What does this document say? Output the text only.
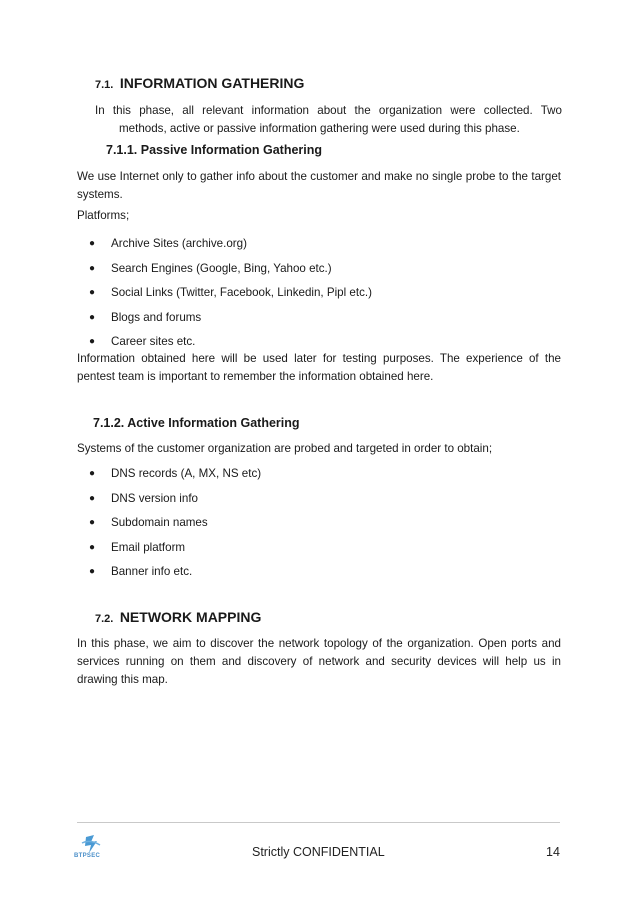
7.1. INFORMATION GATHERING

In this phase, all relevant information about the organization were collected. Two

methods, active or passive information gathering were used during this phase.

7.1.1. Passive Information Gathering

We use Internet only to gather info about the customer and make no single probe to the target systems.

Platforms;

● Archive Sites (archive.org)
● Search Engines (Google, Bing, Yahoo etc.)
● Social Links (Twitter, Facebook, Linkedin, Pipl etc.)
● Blogs and forums
● Career sites etc.

Information obtained here will be used later for testing purposes. The experience of the pentest team is important to remember the information obtained here.

7.1.2. Active Information Gathering

Systems of the customer organization are probed and targeted in order to obtain;

● DNS records (A, MX, NS etc)
● DNS version info
● Subdomain names
● Email platform
● Banner info etc.
7.2. NETWORK MAPPING

In this phase, we aim to discover the network topology of the organization. Open ports and services running on them and discovery of network and security devices will help us in drawing this map.

BTPSEC	Strictly CONFIDENTIAL	14
